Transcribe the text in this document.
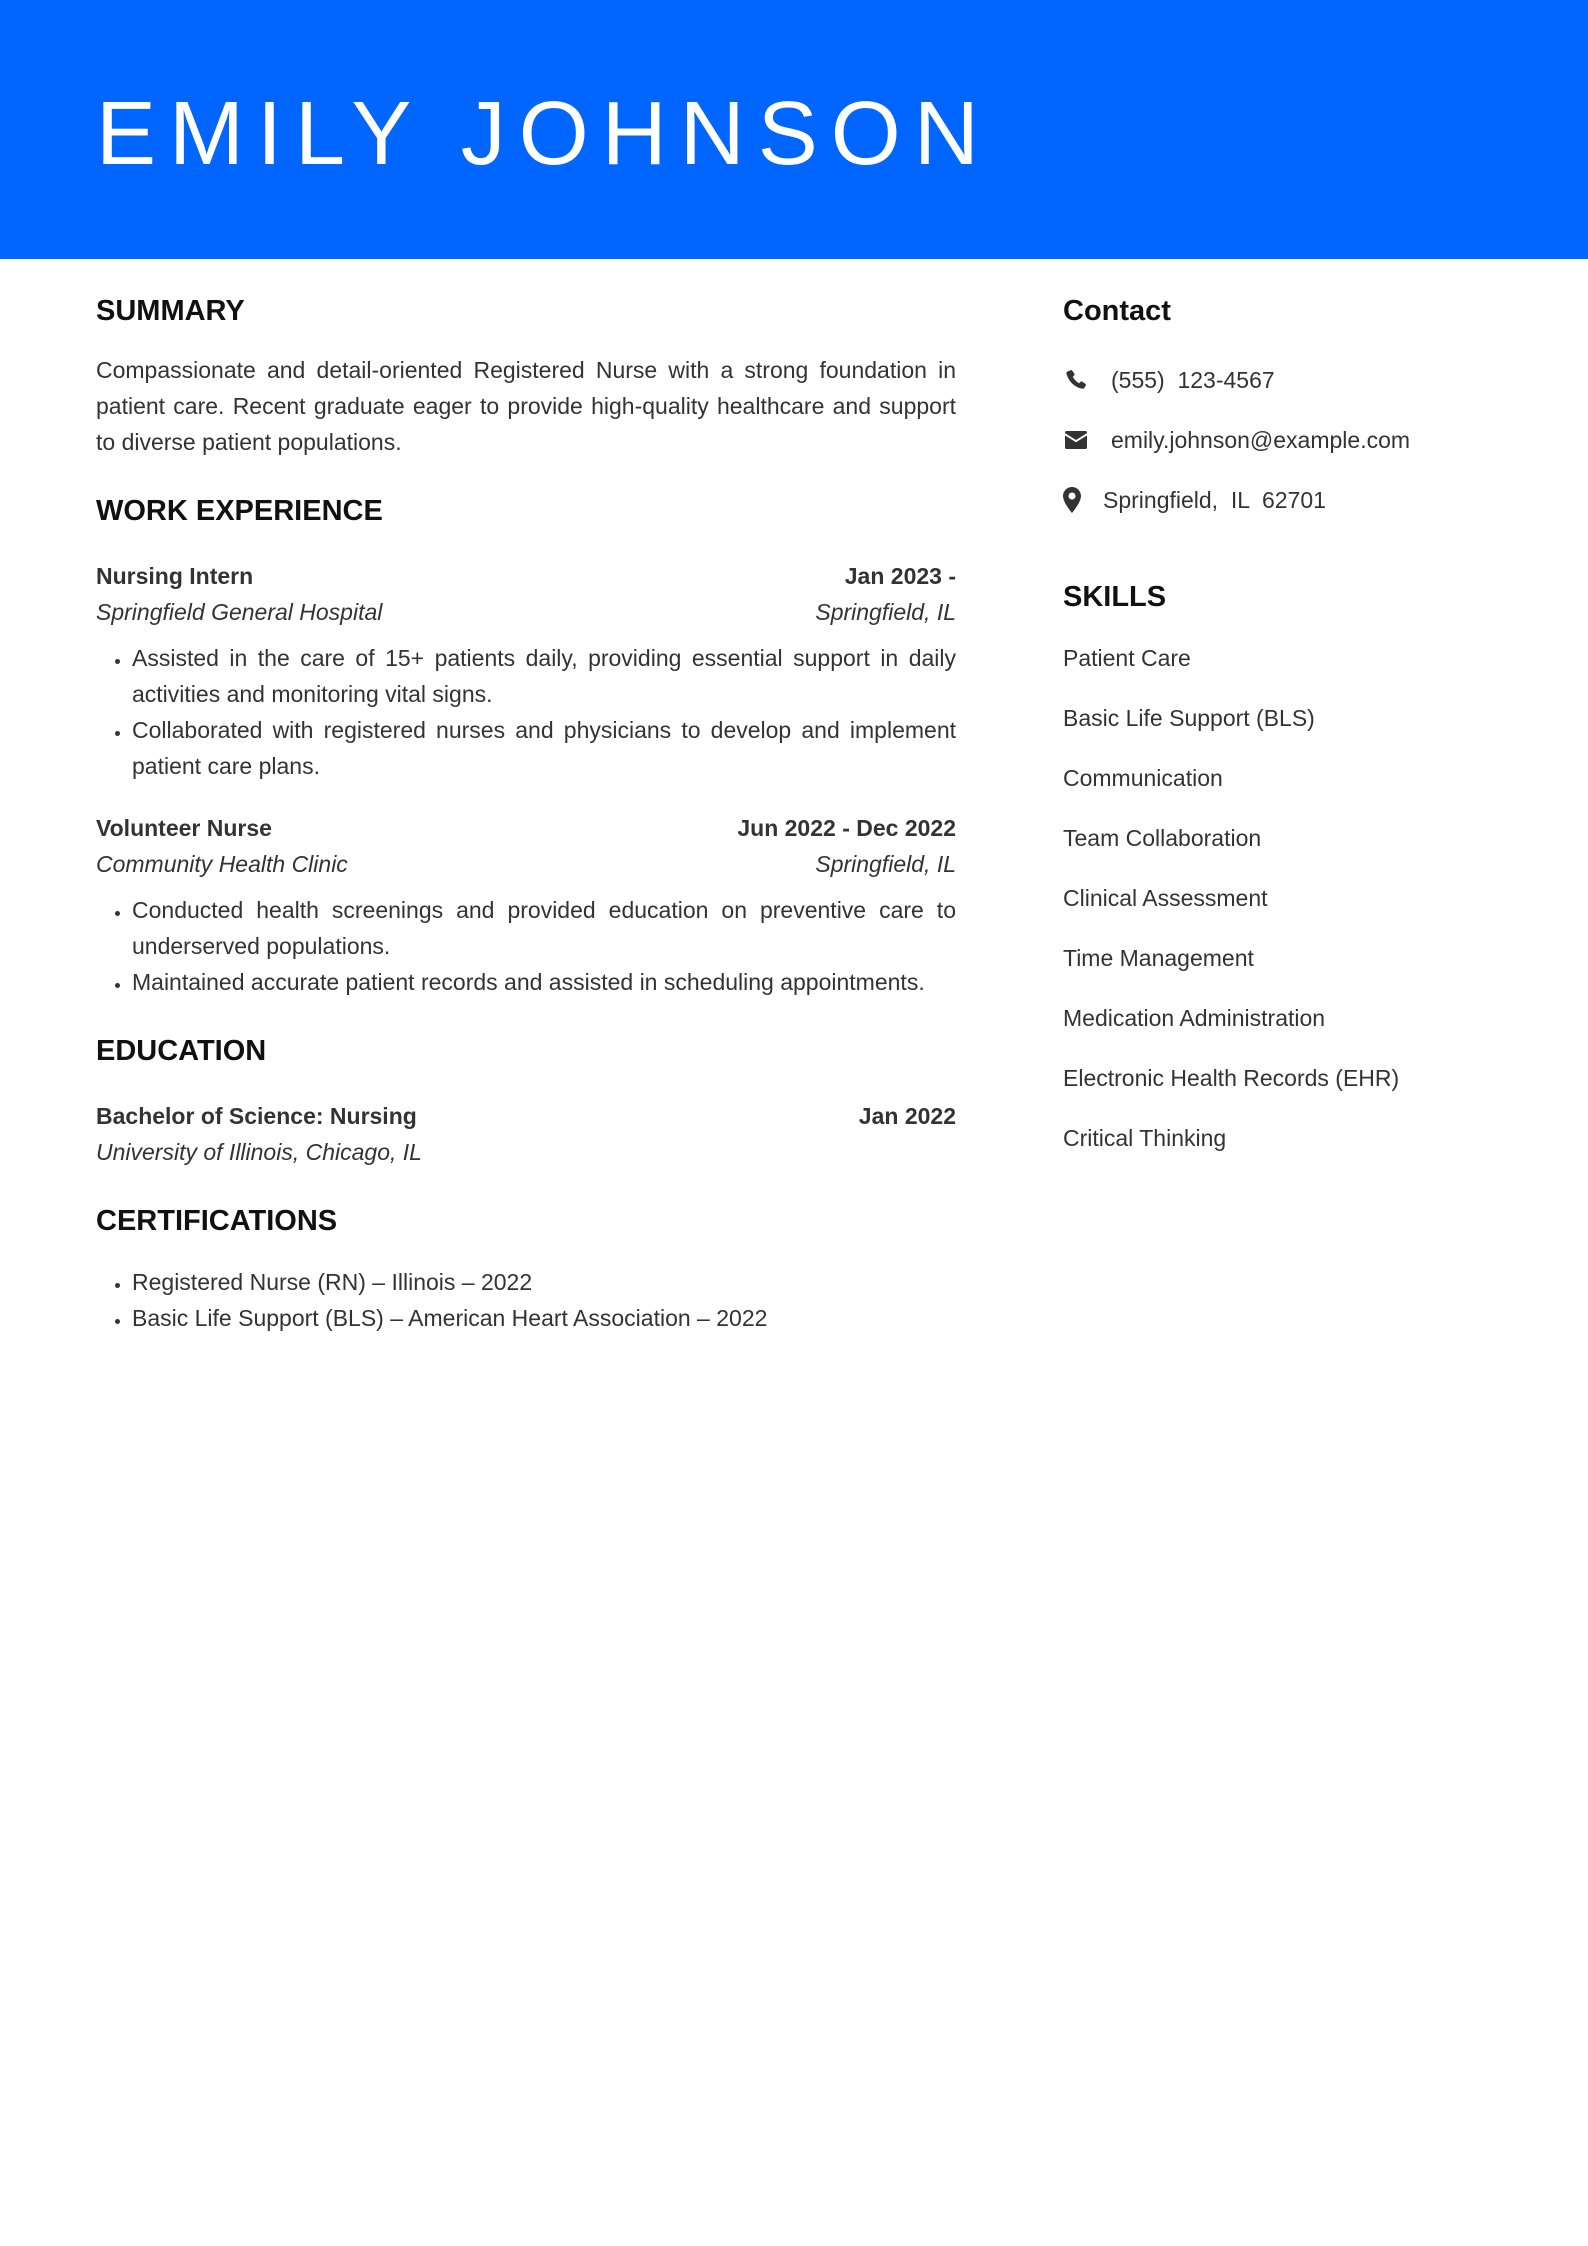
EMILY JOHNSON
SUMMARY

Compassionate and detail-oriented Registered Nurse with a strong foundation in patient care. Recent graduate eager to provide high-quality healthcare and support to diverse patient populations.

WORK EXPERIENCE
Nursing Intern	Jan 2023 -
Springfield General Hospital	Springfield, IL
• Assisted in the care of 15+ patients daily, providing essential support in daily activities and monitoring vital signs.
• Collaborated with registered nurses and physicians to develop and implement patient care plans.
Volunteer Nurse	Jun 2022 - Dec 2022
Community Health Clinic	Springfield, IL
• Conducted health screenings and provided education on preventive care to underserved populations.
• Maintained accurate patient records and assisted in scheduling appointments.
EDUCATION
Bachelor of Science: Nursing	Jan 2022
University of Illinois, Chicago, IL
CERTIFICATIONS
• Registered Nurse (RN) – Illinois – 2022
• Basic Life Support (BLS) – American Heart Association – 2022
Contact
(555)  123-4567
emily.johnson@example.com
Springfield,  IL  62701
SKILLS
Patient Care
Basic Life Support (BLS)
Communication
Team Collaboration
Clinical Assessment
Time Management
Medication Administration
Electronic Health Records (EHR)
Critical Thinking
